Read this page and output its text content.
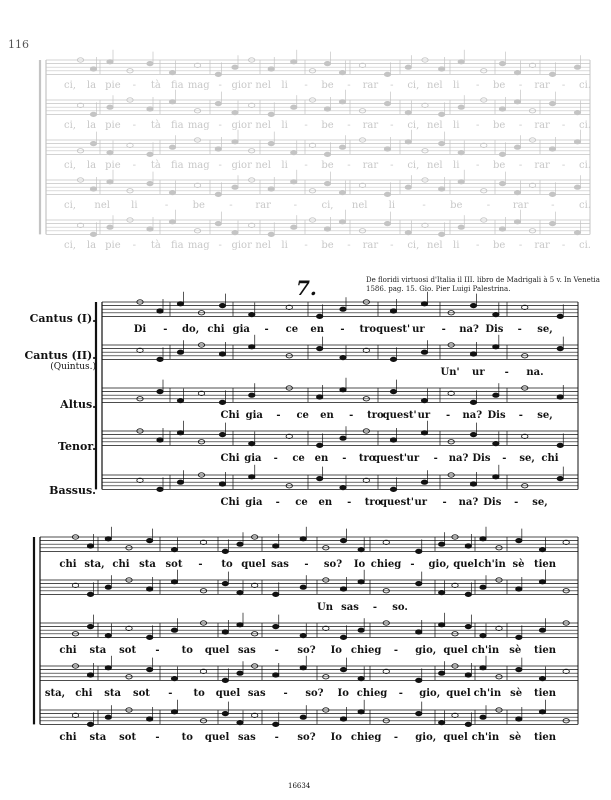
116
7.	De floridi virtuosi d'Italia il III. libro de Madrigali à 5 v. In Venetia 1586. pag. 15. Gio. Pier Luigi Palestrina.
Cantus (I).
Cantus (II).
(Quintus.)
Altus.
Tenor.
Bassus.
ci, la pie - tà fia mag - gior nel li - be - rar - ci, nel li - be - rar - ci.
ci, la pie - tà fia mag - gior nel li - be - rar - ci, nel li - be - rar - ci.
ci, la pie - tà fia mag - gior nel li - be - rar - ci, nel li - be - rar - ci.
ci, nel li	- be - rar - ci, nel li	- be - rar - ci.
ci, la pie - tà fia mag - gior nel li - be - rar - ci, nel li - be - rar - ci.
Di - do, chi gia - ce en - tro quest' ur - na? Dis - se,
Un' ur - na.
Chi gia - ce en - tro
quest' ur - na? Dis - se,
Chi gia - ce en - tro
quest' ur - na? Dis - se, chi
Chi gia - ce en - tro
quest' ur - na? Dis - se,
chi sta, chi sta sot - to quel sas - so? Io chieg - gio, quel ch'in sè tien
Un sas - so.
chi sta sot - to quel sas - so? Io chieg - gio, quel ch'in sè tien
sta, chi sta sot - to quel sas - so? Io chieg - gio, quel ch'in sè tien
chi sta sot - to quel sas - so? Io chieg - gio, quel ch'in sè tien
16634
